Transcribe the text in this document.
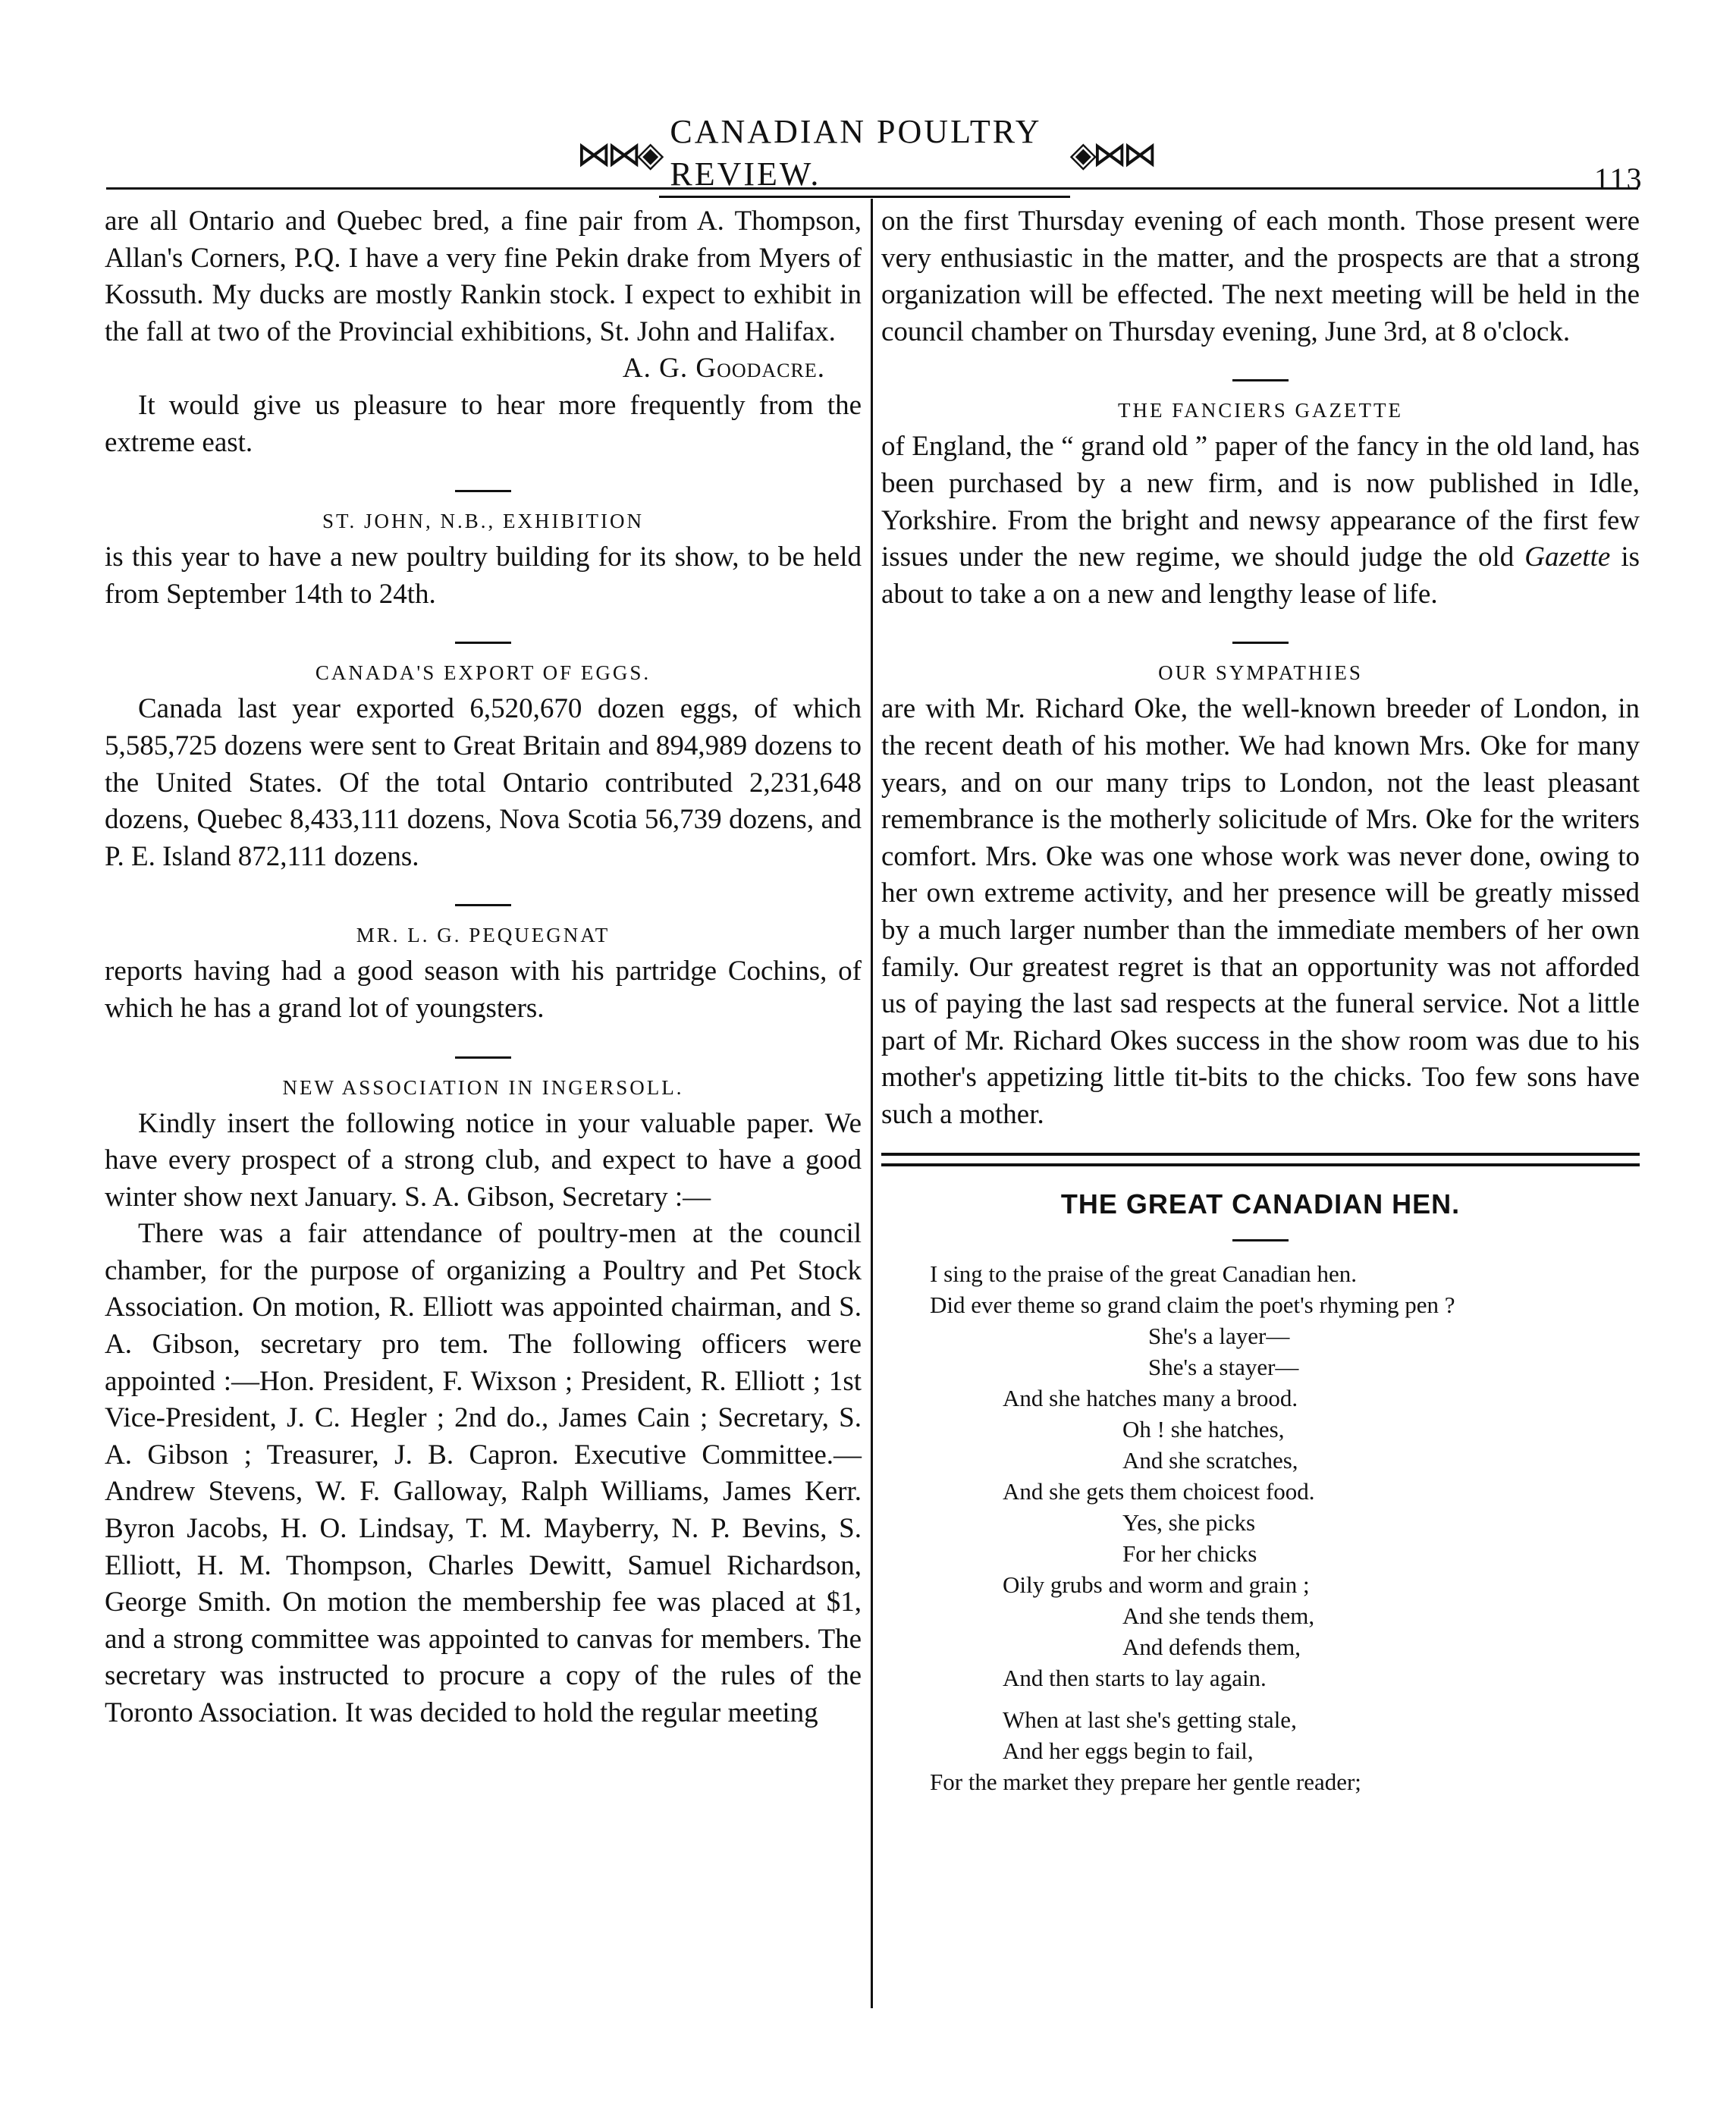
⋈⋈◈
CANADIAN POULTRY REVIEW.	◈⋈⋈
113

are all Ontario and Quebec bred, a fine pair from A. Thompson, Allan's Corners, P.Q. I have a very fine Pekin drake from Myers of Kossuth. My ducks are mostly Rankin stock. I expect to exhibit in the fall at two of the Provincial exhibitions, St. John and Halifax.

A. G. Goodacre.

It would give us pleasure to hear more frequently from the extreme east.

ST. JOHN, N.B., EXHIBITION

is this year to have a new poultry building for its show, to be held from September 14th to 24th.

CANADA'S EXPORT OF EGGS.

Canada last year exported 6,520,670 dozen eggs, of which 5,585,725 dozens were sent to Great Britain and 894,989 dozens to the United States. Of the total Ontario contributed 2,231,648 dozens, Quebec 8,433,111 dozens, Nova Scotia 56,739 dozens, and P. E. Island 872,111 dozens.

MR. L. G. PEQUEGNAT

reports having had a good season with his partridge Cochins, of which he has a grand lot of youngsters.

NEW ASSOCIATION IN INGERSOLL.

Kindly insert the following notice in your valuable paper. We have every prospect of a strong club, and expect to have a good winter show next January. S. A. Gibson, Secretary :—

There was a fair attendance of poultry-men at the council chamber, for the purpose of organizing a Poultry and Pet Stock Association. On motion, R. Elliott was appointed chairman, and S. A. Gibson, secretary pro tem. The following officers were appointed :—Hon. President, F. Wixson ; President, R. Elliott ; 1st Vice-President, J. C. Hegler ; 2nd do., James Cain ; Secretary, S. A. Gibson ; Treasurer, J. B. Capron. Executive Committee.—Andrew Stevens, W. F. Galloway, Ralph Williams, James Kerr. Byron Jacobs, H. O. Lindsay, T. M. Mayberry, N. P. Bevins, S. Elliott, H. M. Thompson, Charles Dewitt, Samuel Richardson, George Smith. On motion the membership fee was placed at $1, and a strong committee was appointed to canvas for members. The secretary was instructed to procure a copy of the rules of the Toronto Association. It was decided to hold the regular meeting

on the first Thursday evening of each month. Those present were very enthusiastic in the matter, and the prospects are that a strong organization will be effected. The next meeting will be held in the council chamber on Thursday evening, June 3rd, at 8 o'clock.

THE FANCIERS GAZETTE

of England, the “ grand old ” paper of the fancy in the old land, has been purchased by a new firm, and is now published in Idle, Yorkshire. From the bright and newsy appearance of the first few issues under the new regime, we should judge the old Gazette is about to take a on a new and lengthy lease of life.

OUR SYMPATHIES

are with Mr. Richard Oke, the well-known breeder of London, in the recent death of his mother. We had known Mrs. Oke for many years, and on our many trips to London, not the least pleasant remembrance is the motherly solicitude of Mrs. Oke for the writers comfort. Mrs. Oke was one whose work was never done, owing to her own extreme activity, and her presence will be greatly missed by a much larger number than the immediate members of her own family. Our greatest regret is that an opportunity was not afforded us of paying the last sad respects at the funeral service. Not a little part of Mr. Richard Okes success in the show room was due to his mother's appetizing little tit-bits to the chicks. Too few sons have such a mother.

THE GREAT CANADIAN HEN.
I sing to the praise of the great Canadian hen.
Did ever theme so grand claim the poet's rhyming pen ?
She's a layer—
She's a stayer—
And she hatches many a brood.
Oh ! she hatches,
And she scratches,
And she gets them choicest food.
Yes, she picks
For her chicks
Oily grubs and worm and grain ;
And she tends them,
And defends them,
And then starts to lay again.
When at last she's getting stale,
And her eggs begin to fail,
For the market they prepare her gentle reader;
